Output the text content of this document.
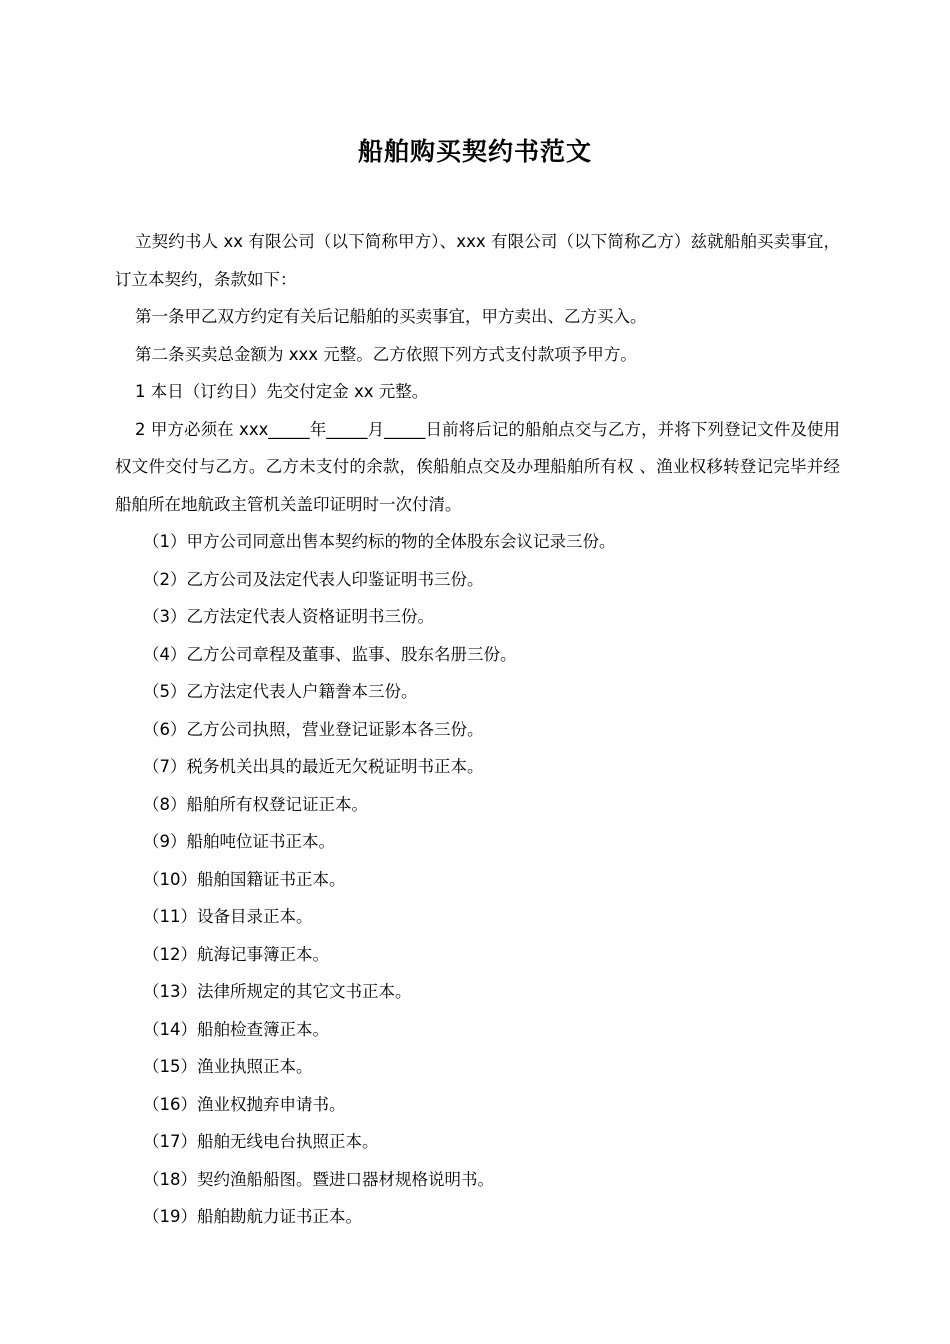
船舶购买契约书范文

立契约书人 xx 有限公司（以下简称甲方）、xxx 有限公司（以下简称乙方）兹就船舶买卖事宜，订立本契约，条款如下：

第一条甲乙双方约定有关后记船舶的买卖事宜，甲方卖出、乙方买入。

第二条买卖总金额为 xxx 元整。乙方依照下列方式支付款项予甲方。

1 本日（订约日）先交付定金 xx 元整。

2 甲方必须在 xxx_____年_____月_____日前将后记的船舶点交与乙方，并将下列登记文件及使用权文件交付与乙方。乙方未支付的余款，俟船舶点交及办理船舶所有权 、渔业权移转登记完毕并经船舶所在地航政主管机关盖印证明时一次付清。

（1）甲方公司同意出售本契约标的物的全体股东会议记录三份。

（2）乙方公司及法定代表人印鉴证明书三份。

（3）乙方法定代表人资格证明书三份。

（4）乙方公司章程及董事、监事、股东名册三份。

（5）乙方法定代表人户籍誊本三份。

（6）乙方公司执照，营业登记证影本各三份。

（7）税务机关出具的最近无欠税证明书正本。

（8）船舶所有权登记证正本。

（9）船舶吨位证书正本。

（10）船舶国籍证书正本。

（11）设备目录正本。

（12）航海记事簿正本。

（13）法律所规定的其它文书正本。

（14）船舶检查簿正本。

（15）渔业执照正本。

（16）渔业权抛弃申请书。

（17）船舶无线电台执照正本。

（18）契约渔船船图。暨进口器材规格说明书。

（19）船舶勘航力证书正本。
